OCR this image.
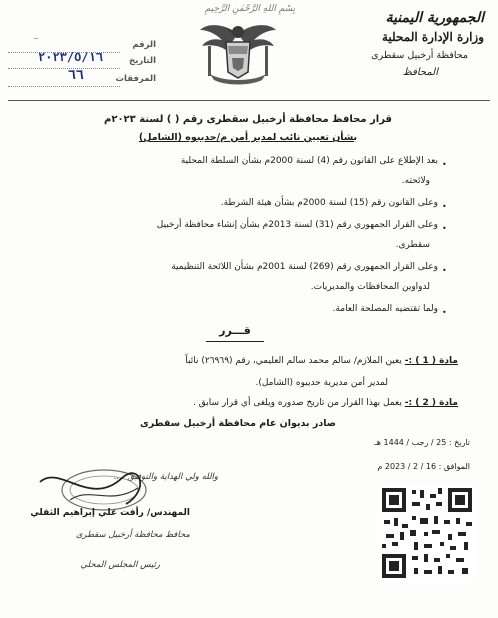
بِسْمِ اللهِ الرَّحْمٰنِ الرَّحِيمِ
الجمهورية اليمنية
وزارة الإدارة المحلية
محافظة أرخبيل سقطرى
المحافظ
الرقم
التاريخ
المرفقات
—
٢٠٢٣/٥/١٦
٦٦
قرار محافظ محافظة أرخبيل سقطرى رقم ( ) لسنة ٢٠٢٣م
بشأن تعيين نائب لمدير أمن م/حديبوه (الشامل)
بعد الإطلاع على القانون رقم (4) لسنة 2000م بشأن السلطة المحلية
ولائحته.
وعلى القانون رقم (15) لسنة 2000م بشأن هيئة الشرطة.
وعلى القرار الجمهوري رقم (31) لسنة 2013م بشأن إنشاء محافظة أرخبيل
سقطرى.
وعلى القرار الجمهوري رقم (269) لسنة 2001م بشأن اللائحة التنظيمية
لدواوين المحافظات والمديريات.
ولما تقتضيه المصلحة العامة.
•
•
•
•
•
قـــرر
مادة ( 1 ) :- يعين الملازم/ سالم محمد سالم العليمي، رقم (٢٦٩٦٩) نائباً
لمدير أمن مديرية حديبوه (الشامل).
مادة ( 2 ) :- يعمل بهذا القرار من تاريخ صدوره ويلغى أي قرار سابق .
صادر بديوان عام محافظة أرخبيل سقطرى
تاريخ : 25 / رجب / 1444 هـ
الموافق : 16 / 2 / 2023 م
والله ولي الهداية والتوفيق ....
المهندس/ رأفت علي إبراهيم الثقلي
محافظ محافظة أرخبيل سقطرى
رئيس المجلس المحلي
